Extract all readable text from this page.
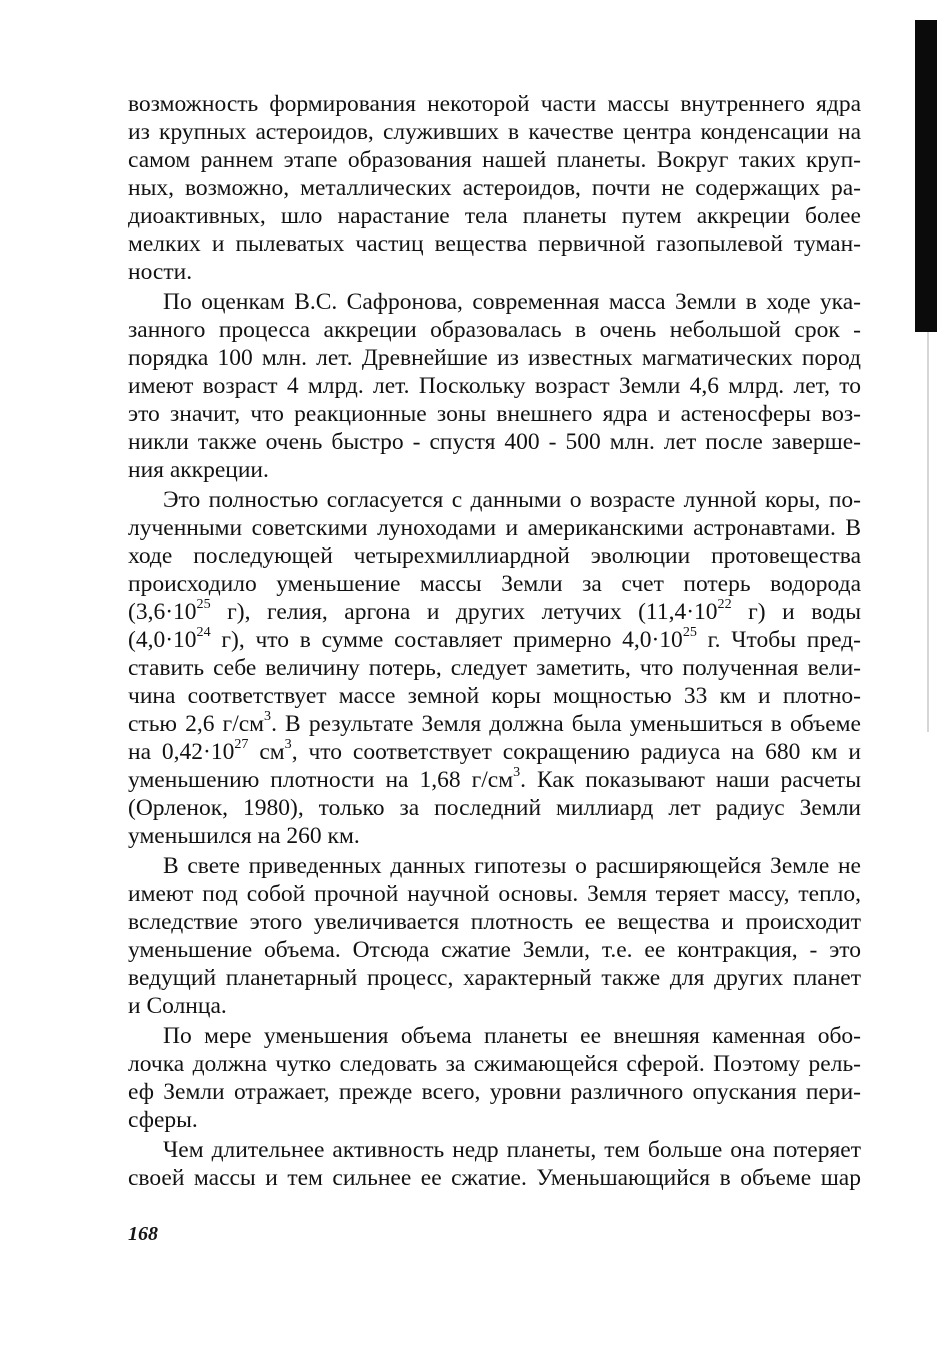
возможность формирования некоторой части массы внутреннего ядра
из крупных астероидов, служивших в качестве центра конденсации на
самом раннем этапе образования нашей планеты. Вокруг таких круп-
ных, возможно, металлических астероидов, почти не содержащих ра-
диоактивных, шло нарастание тела планеты путем аккреции более
мелких и пылеватых частиц вещества первичной газопылевой туман-
ности.
По оценкам В.С. Сафронова, современная масса Земли в ходе ука-
занного процесса аккреции образовалась в очень небольшой срок -
порядка 100 млн. лет. Древнейшие из известных магматических пород
имеют возраст 4 млрд. лет. Поскольку возраст Земли 4,6 млрд. лет, то
это значит, что реакционные зоны внешнего ядра и астеносферы воз-
никли также очень быстро - спустя 400 - 500 млн. лет после заверше-
ния аккреции.
Это полностью согласуется с данными о возрасте лунной коры, по-
лученными советскими луноходами и американскими астронавтами. В
ходе последующей четырехмиллиардной эволюции протовещества
происходило уменьшение массы Земли за счет потерь водорода
($3,6\cdot 10^{25}$ г), гелия, аргона и других летучих ($11,4\cdot 10^{22}$ г) и воды
($4,0\cdot 10^{24}$ г), что в сумме составляет примерно $4,0\cdot 10^{25}$ г. Чтобы пред-
ставить себе величину потерь, следует заметить, что полученная вели-
чина соответствует массе земной коры мощностью 33 км и плотно-
стью 2,6 $г/см^3$. В результате Земля должна была уменьшиться в объеме
на $0,42\cdot 10^{27}$ $см^3$, что соответствует сокращению радиуса на 680 км и
уменьшению плотности на 1,68 $г/см^3$. Как показывают наши расчеты
(Орленок, 1980), только за последний миллиард лет радиус Земли
уменьшился на 260 км.
В свете приведенных данных гипотезы о расширяющейся Земле не
имеют под собой прочной научной основы. Земля теряет массу, тепло,
вследствие этого увеличивается плотность ее вещества и происходит
уменьшение объема. Отсюда сжатие Земли, т.е. ее контракция, - это
ведущий планетарный процесс, характерный также для других планет
и Солнца.
По мере уменьшения объема планеты ее внешняя каменная обо-
лочка должна чутко следовать за сжимающейся сферой. Поэтому рель-
еф Земли отражает, прежде всего, уровни различного опускания пери-
сферы.
Чем длительнее активность недр планеты, тем больше она потеряет
своей массы и тем сильнее ее сжатие. Уменьшающийся в объеме шар
168
